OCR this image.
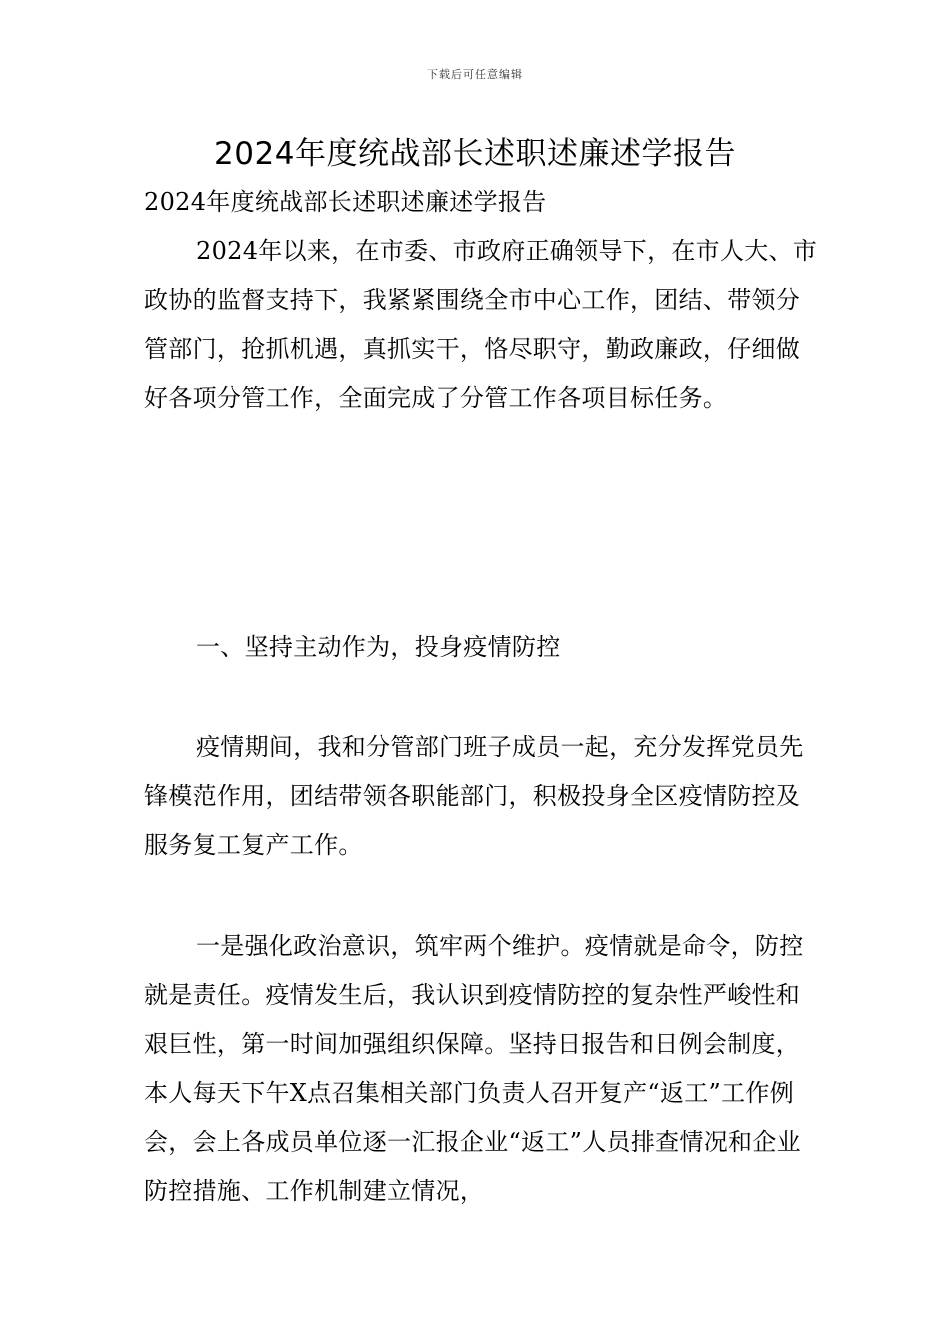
下载后可任意编辑
2024年度统战部长述职述廉述学报告

2024年度统战部长述职述廉述学报告

2024年以来，在市委、市政府正确领导下，在市人大、市政协的监督支持下，我紧紧围绕全市中心工作，团结、带领分管部门，抢抓机遇，真抓实干，恪尽职守，勤政廉政，仔细做好各项分管工作，全面完成了分管工作各项目标任务。

一、坚持主动作为，投身疫情防控

疫情期间，我和分管部门班子成员一起，充分发挥党员先锋模范作用，团结带领各职能部门，积极投身全区疫情防控及服务复工复产工作。

一是强化政治意识，筑牢两个维护。疫情就是命令，防控就是责任。疫情发生后，我认识到疫情防控的复杂性严峻性和艰巨性，第一时间加强组织保障。坚持日报告和日例会制度，本人每天下午X点召集相关部门负责人召开复产“返工”工作例会，会上各成员单位逐一汇报企业“返工”人员排查情况和企业防控措施、工作机制建立情况，
